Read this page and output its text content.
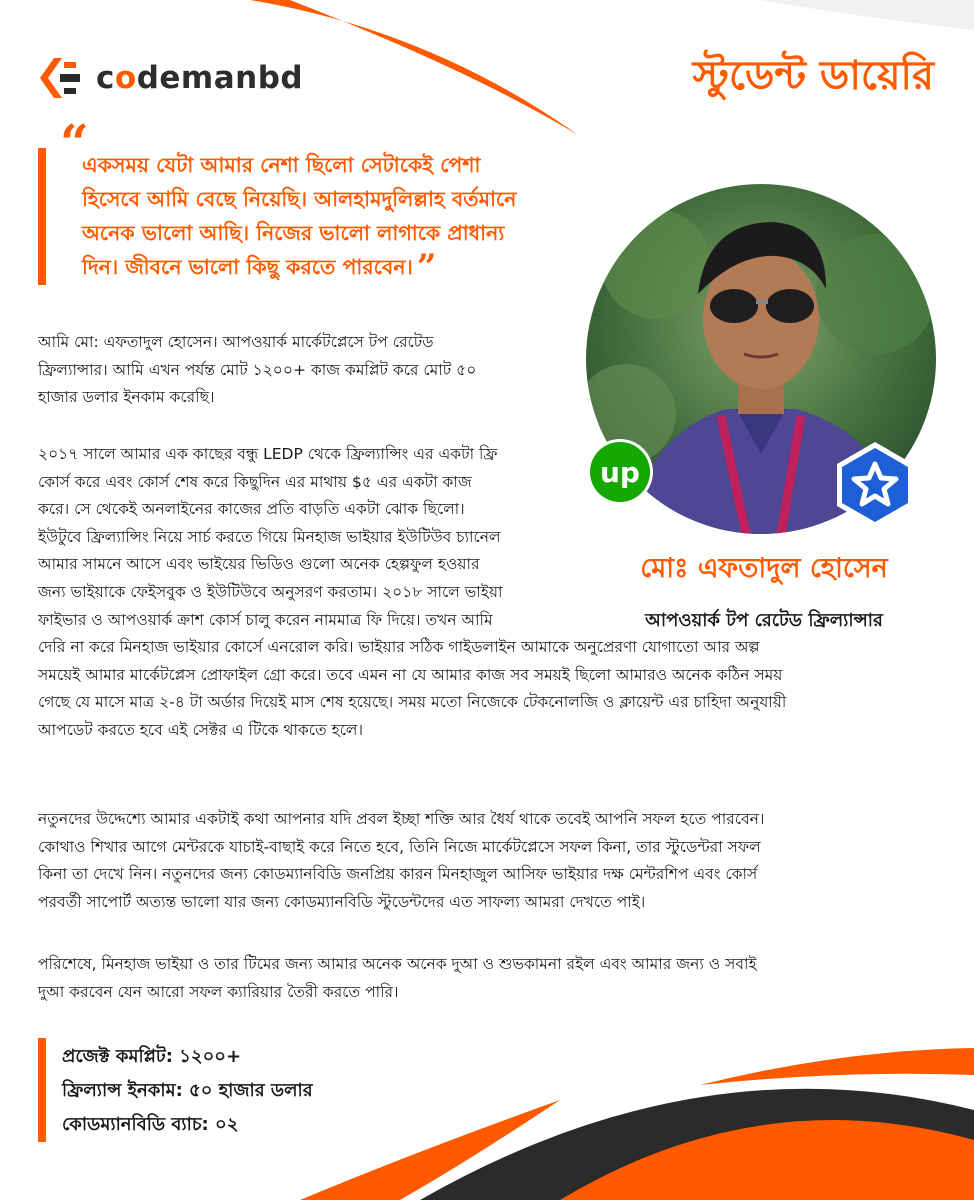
codemanbd	স্টুডেন্ট ডায়েরি
“
একসময় যেটা আমার নেশা ছিলো সেটাকেই পেশা
হিসেবে আমি বেছে নিয়েছি। আলহামদুলিল্লাহ বর্তমানে
অনেক ভালো আছি। নিজের ভালো লাগাকে প্রাধান্য
দিন। জীবনে ভালো কিছু করতে পারবেন। ”
up
মোঃ এফতাদুল হোসেন
আপওয়ার্ক টপ রেটেড ফ্রিল্যান্সার
আমি মো: এফতাদুল হোসেন। আপওয়ার্ক মার্কেটপ্লেসে টপ রেটেড
ফ্রিল্যান্সার। আমি এখন পর্যন্ত মোট ১২০০+ কাজ কমপ্লিট করে মোট ৫০
হাজার ডলার ইনকাম করেছি।
২০১৭ সালে আমার এক কাছের বন্ধু LEDP থেকে ফ্রিল্যান্সিং এর একটা ফ্রি
কোর্স করে এবং কোর্স শেষ করে কিছুদিন এর মাথায় $৫ এর একটা কাজ
করে। সে থেকেই অনলাইনের কাজের প্রতি বাড়তি একটা ঝোক ছিলো।
ইউটুবে ফ্রিল্যান্সিং নিয়ে সার্চ করতে গিয়ে মিনহাজ ভাইয়ার ইউটিউব চ্যানেল
আমার সামনে আসে এবং ভাইয়ের ভিডিও গুলো অনেক হেল্পফুল হওয়ার
জন্য ভাইয়াকে ফেইসবুক ও ইউটিউবে অনুসরণ করতাম। ২০১৮ সালে ভাইয়া
ফাইভার ও আপওয়ার্ক ক্রাশ কোর্স চালু করেন নামমাত্র ফি দিয়ে। তখন আমি
দেরি না করে মিনহাজ ভাইয়ার কোর্সে এনরোল করি। ভাইয়ার সঠিক গাইডলাইন আমাকে অনুপ্রেরণা যোগাতো আর অল্প
সময়েই আমার মার্কেটপ্লেস প্রোফাইল গ্রো করে। তবে এমন না যে আমার কাজ সব সময়ই ছিলো আমারও অনেক কঠিন সময়
গেছে যে মাসে মাত্র ২-৪ টা অর্ডার দিয়েই মাস শেষ হয়েছে। সময় মতো নিজেকে টেকনোলজি ও ক্লায়েন্ট এর চাহিদা অনুযায়ী
আপডেট করতে হবে এই সেক্টর এ টিকে থাকতে হলে।
নতুনদের উদ্দেশ্যে আমার একটাই কথা আপনার যদি প্রবল ইচ্ছা শক্তি আর ধৈর্য থাকে তবেই আপনি সফল হতে পারবেন।
কোথাও শিখার আগে মেন্টরকে যাচাই-বাছাই করে নিতে হবে, তিনি নিজে মার্কেটপ্লেসে সফল কিনা, তার স্টুডেন্টরা সফল
কিনা তা দেখে নিন। নতুনদের জন্য কোডম্যানবিডি জনপ্রিয় কারন মিনহাজুল আসিফ ভাইয়ার দক্ষ মেন্টরশিপ এবং কোর্স
পরবর্তী সাপোর্ট অত্যন্ত ভালো যার জন্য কোডম্যানবিডি স্টুডেন্টদের এত সাফল্য আমরা দেখতে পাই।
পরিশেষে, মিনহাজ ভাইয়া ও তার টিমের জন্য আমার অনেক অনেক দুআ ও শুভকামনা রইল এবং আমার জন্য ও সবাই
দুআ করবেন যেন আরো সফল ক্যারিয়ার তৈরী করতে পারি।
প্রজেক্ট কমপ্লিট: ১২০০+
ফ্রিল্যান্স ইনকাম: ৫০ হাজার ডলার
কোডম্যানবিডি ব্যাচ: ০২
